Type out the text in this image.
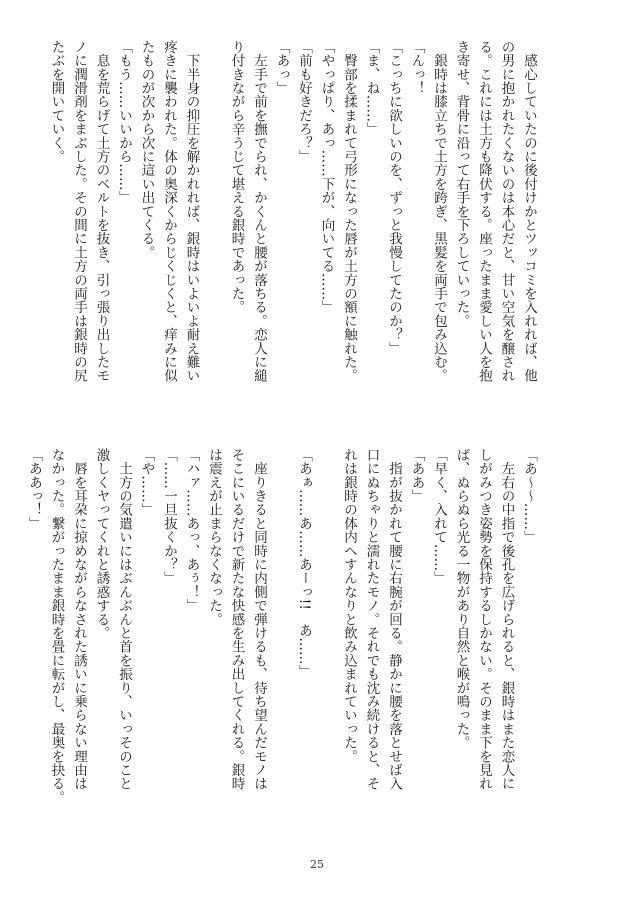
　感心していたのに後付けかとツッコミを入れれば、他
の男に抱かれたくないのは本心だと、甘い空気を醸され
る。これには土方も降伏する。座ったまま愛しい人を抱
き寄せ、背骨に沿って右手を下ろしていった。
　銀時は膝立ちで土方を跨ぎ、黒髪を両手で包み込む。
「んっ！
「こっちに欲しいのを、ずっと我慢してたのか？」
「ま、ね……」
　臀部を揉まれて弓形になった唇が土方の額に触れた。
「やっぱり、あっ……下が、向いてる……」
「前も好きだろ？」
「あっ」
　左手で前を撫でられ、かくんと腰が落ちる。恋人に縋
り付きながら辛うじて堪える銀時であった。
　下半身の抑圧を解かれれば、銀時はいよいよ耐え難い
疼きに襲われた。体の奥深くからじくじくと、痒みに似
たものが次から次に這い出てくる。
「もう……いいから……」
　息を荒らげて土方のベルトを抜き、引っ張り出したモ
ノに潤滑剤をまぶした。その間に土方の両手は銀時の尻
たぶを開いていく。
「あ～～……」
　左右の中指で後孔を広げられると、銀時はまた恋人に
しがみつき姿勢を保持するしかない。そのまま下を見れ
ば、ぬらぬら光る一物があり自然と喉が鳴った。
「早く、入れて……」
「ああ」
　指が抜かれて腰に右腕が回る。静かに腰を落とせば入
口にぬちゃりと濡れたモノ。それでも沈み続けると、そ
れは銀時の体内へすんなりと飲み込まれていった。
「あぁ……あ……あーっ!!　あ……」
　座りきると同時に内側で弾けるも、待ち望んだモノは
そこにいるだけで新たな快感を生み出してくれる。銀時
は震えが止まらなくなった。
「ハァ……あっ、あぅ！」
「……一旦抜くか？」
「や……」
　土方の気遣いにはぶんぶんと首を振り、いっそのこと
激しくヤってくれと誘惑する。
　唇を耳朶に掠めながらなされた誘いに乗らない理由は
なかった。繋がったまま銀時を畳に転がし、最奥を抉る。
「ああっ！」
25
